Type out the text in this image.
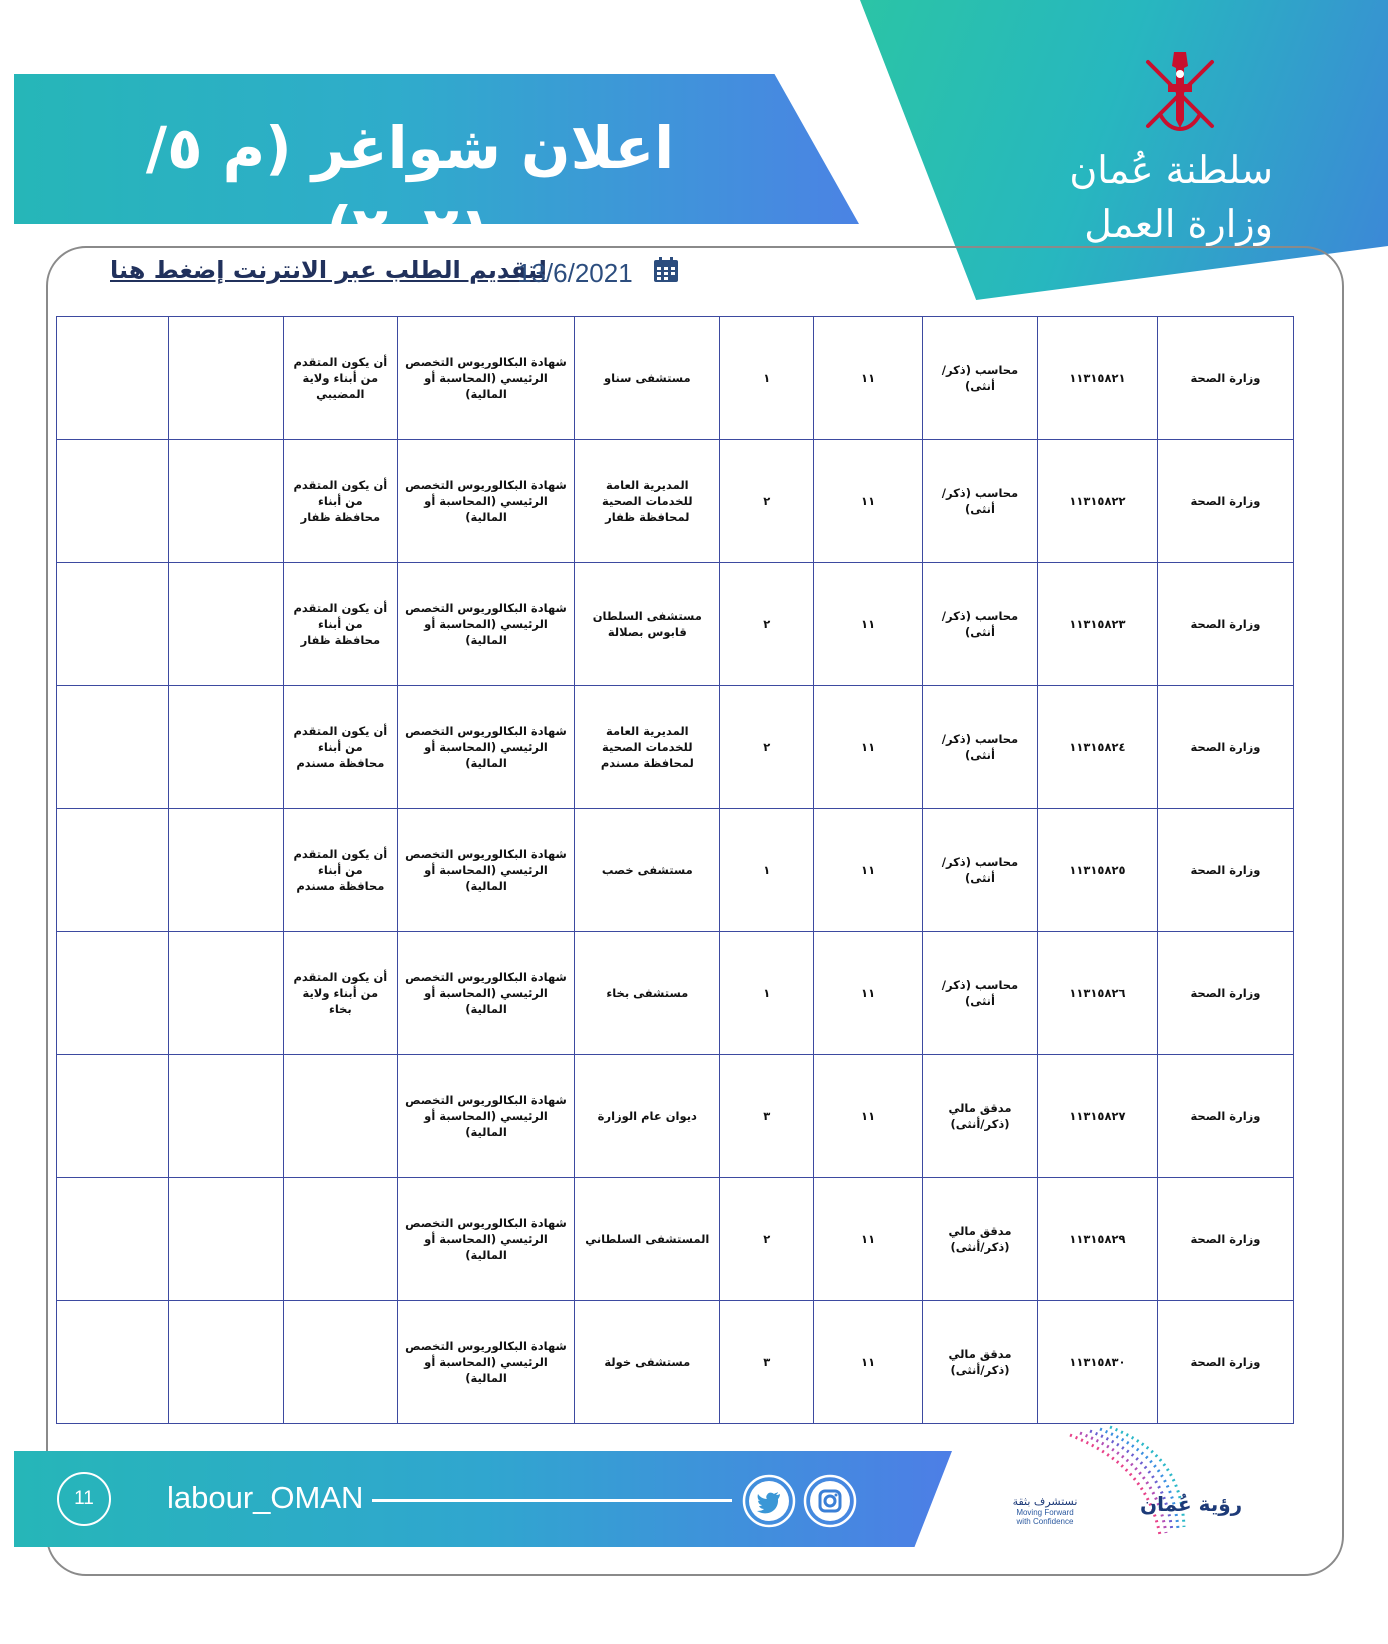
سلطنة عُمان
وزارة العمل
اعلان شواغر (م ٥/ ٢٠٢١)
لتقديم الطلب عبر الانترنت إضغط هنا
13/6/2021
وزارة الصحة	١١٣١٥٨٢١	محاسب (ذكر/
أنثى)	١١	١	مستشفى سناو	شهادة البكالوريوس التخصص
الرئيسي (المحاسبة أو المالية)	أن يكون المتقدم
من أبناء ولاية
المضيبي		
وزارة الصحة	١١٣١٥٨٢٢	محاسب (ذكر/
أنثى)	١١	٢	المديرية العامة
للخدمات الصحية
لمحافظة ظفار	شهادة البكالوريوس التخصص
الرئيسي (المحاسبة أو المالية)	أن يكون المتقدم
من أبناء
محافظة ظفار		
وزارة الصحة	١١٣١٥٨٢٣	محاسب (ذكر/
أنثى)	١١	٢	مستشفى السلطان
قابوس بصلالة	شهادة البكالوريوس التخصص
الرئيسي (المحاسبة أو المالية)	أن يكون المتقدم
من أبناء
محافظة ظفار		
وزارة الصحة	١١٣١٥٨٢٤	محاسب (ذكر/
أنثى)	١١	٢	المديرية العامة
للخدمات الصحية
لمحافظة مسندم	شهادة البكالوريوس التخصص
الرئيسي (المحاسبة أو المالية)	أن يكون المتقدم
من أبناء
محافظة مسندم		
وزارة الصحة	١١٣١٥٨٢٥	محاسب (ذكر/
أنثى)	١١	١	مستشفى خصب	شهادة البكالوريوس التخصص
الرئيسي (المحاسبة أو المالية)	أن يكون المتقدم
من أبناء
محافظة مسندم		
وزارة الصحة	١١٣١٥٨٢٦	محاسب (ذكر/
أنثى)	١١	١	مستشفى بخاء	شهادة البكالوريوس التخصص
الرئيسي (المحاسبة أو المالية)	أن يكون المتقدم
من أبناء ولاية
بخاء		
وزارة الصحة	١١٣١٥٨٢٧	مدقق مالي
(ذكر/أنثى)	١١	٣	ديوان عام الوزارة	شهادة البكالوريوس التخصص
الرئيسي (المحاسبة أو المالية)			
وزارة الصحة	١١٣١٥٨٢٩	مدقق مالي
(ذكر/أنثى)	١١	٢	المستشفى السلطاني	شهادة البكالوريوس التخصص
الرئيسي (المحاسبة أو المالية)			
وزارة الصحة	١١٣١٥٨٣٠	مدقق مالي
(ذكر/أنثى)	١١	٣	مستشفى خولة	شهادة البكالوريوس التخصص
الرئيسي (المحاسبة أو المالية)			
11	labour_OMAN	رؤية عُمان
نستشرف بثقة
Moving Forward with Confidence
